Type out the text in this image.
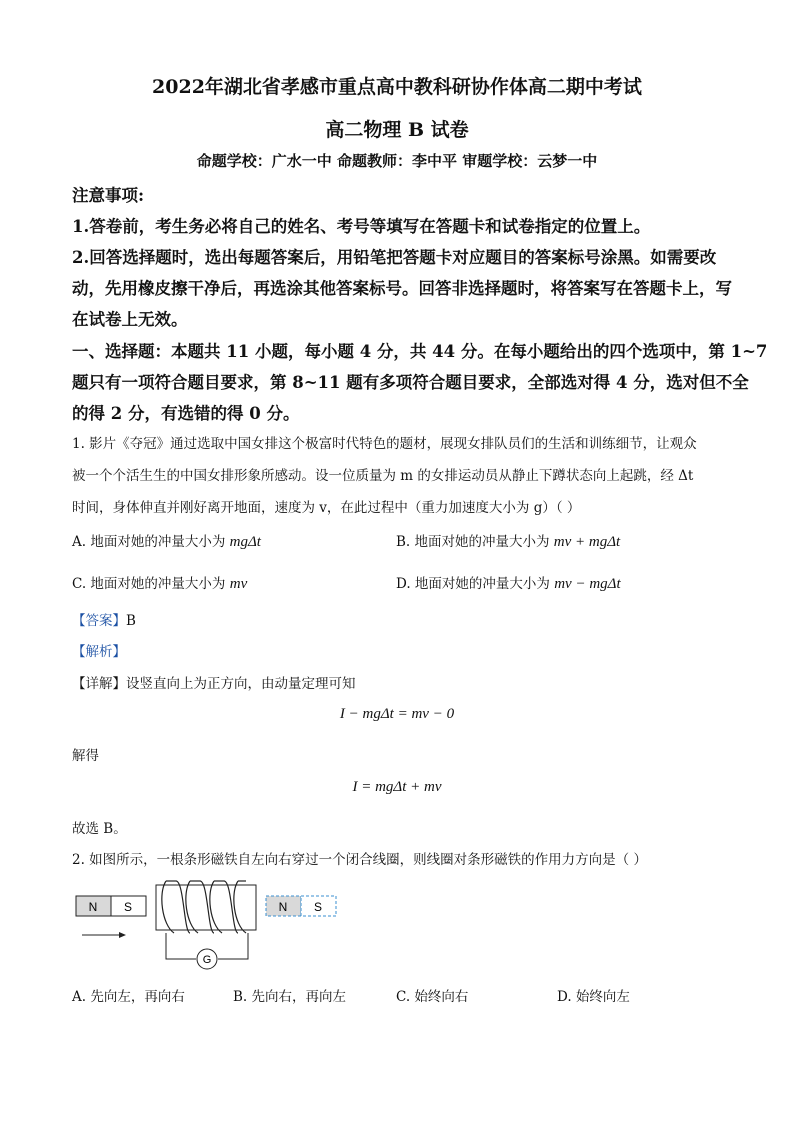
2022年湖北省孝感市重点高中教科研协作体高二期中考试
高二物理 B 试卷
命题学校：广水一中 命题教师：李中平 审题学校：云梦一中
注意事项:
1.答卷前，考生务必将自己的姓名、考号等填写在答题卡和试卷指定的位置上。
2.回答选择题时，选出每题答案后，用铅笔把答题卡对应题目的答案标号涂黑。如需要改
动，先用橡皮擦干净后，再选涂其他答案标号。回答非选择题时，将答案写在答题卡上，写
在试卷上无效。
一、选择题：本题共 11 小题，每小题 4 分，共 44 分。在每小题给出的四个选项中，第 1~7
题只有一项符合题目要求，第 8~11 题有多项符合题目要求，全部选对得 4 分，选对但不全
的得 2 分，有选错的得 0 分。
1. 影片《夺冠》通过选取中国女排这个极富时代特色的题材，展现女排队员们的生活和训练细节，让观众
被一个个活生生的中国女排形象所感动。设一位质量为 m 的女排运动员从静止下蹲状态向上起跳，经 Δt
时间，身体伸直并刚好离开地面，速度为 v，在此过程中（重力加速度大小为 g）（ ）
A. 地面对她的冲量大小为 mgΔt	B. 地面对她的冲量大小为 mv + mgΔt
C. 地面对她的冲量大小为 mv	D. 地面对她的冲量大小为 mv − mgΔt
【答案】B
【解析】
【详解】设竖直向上为正方向，由动量定理可知
I − mgΔt = mv − 0
解得
I = mgΔt + mv
故选 B。
2. 如图所示，一根条形磁铁自左向右穿过一个闭合线圈，则线圈对条形磁铁的作用力方向是（ ）
N S
G
N S
A. 先向左，再向右	B. 先向右，再向左	C. 始终向右	D. 始终向左
